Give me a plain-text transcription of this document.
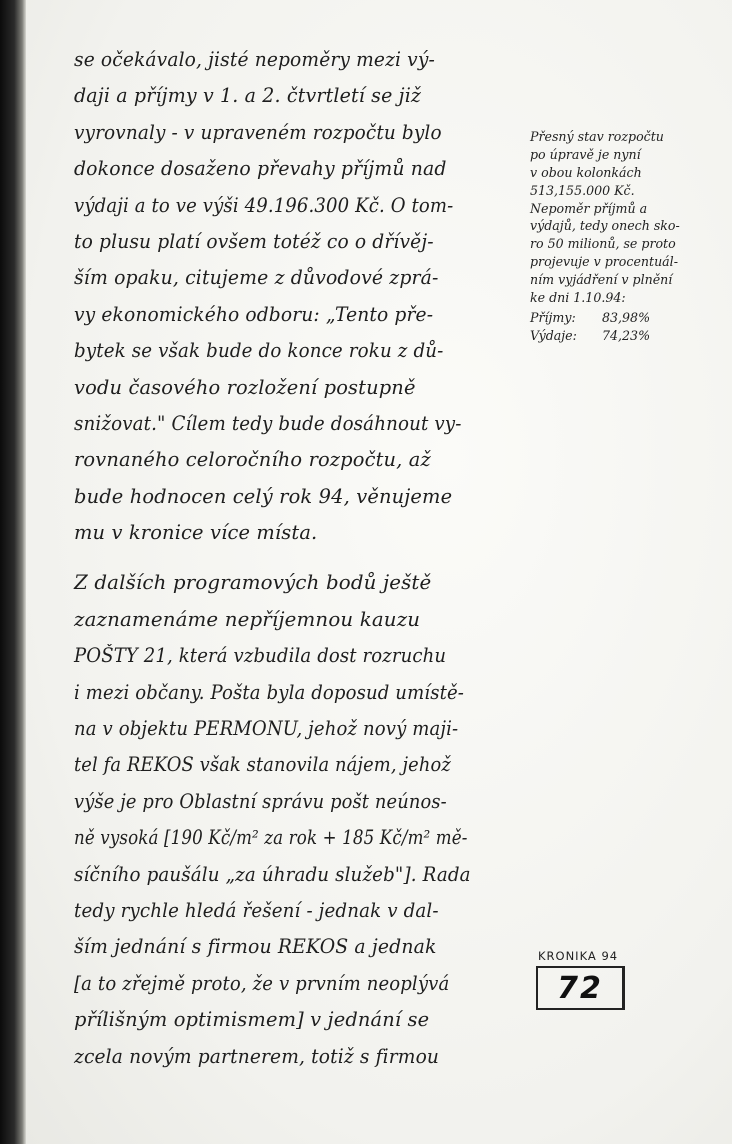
se očekávalo, jisté nepoměry mezi vý-
daji a příjmy v 1. a 2. čtvrtletí se již
vyrovnaly - v upraveném rozpočtu bylo
dokonce dosaženo převahy příjmů nad
výdaji a to ve výši 49.196.300 Kč. O tom-
to plusu platí ovšem totéž co o dřívěj-
ším opaku, citujeme z důvodové zprá-
vy ekonomického odboru: „Tento pře-
bytek se však bude do konce roku z dů-
vodu časového rozložení postupně
snižovat." Cílem tedy bude dosáhnout vy-
rovnaného celoročního rozpočtu, až
bude hodnocen celý rok 94, věnujeme
mu v kronice více místa.
Z dalších programových bodů ještě
zaznamenáme nepříjemnou kauzu
POŠTY 21, která vzbudila dost rozruchu
i mezi občany. Pošta byla doposud umístě-
na v objektu PERMONU, jehož nový maji-
tel fa REKOS však stanovila nájem, jehož
výše je pro Oblastní správu pošt neúnos-
ně vysoká [190 Kč/m² za rok + 185 Kč/m² mě-
síčního paušálu „za úhradu služeb"]. Rada
tedy rychle hledá řešení - jednak v dal-
ším jednání s firmou REKOS a jednak
[a to zřejmě proto, že v prvním neoplývá
přílišným optimismem] v jednání se
zcela novým partnerem, totiž s firmou
Přesný stav rozpočtu
po úpravě je nyní
v obou kolonkách
513,155.000 Kč.
Nepoměr příjmů a
výdajů, tedy onech sko-
ro 50 milionů, se proto
projevuje v procentuál-
ním vyjádření v plnění
ke dni 1.10.94:
Příjmy: 83,98%
Výdaje: 74,23%
KRONIKA 94
72
